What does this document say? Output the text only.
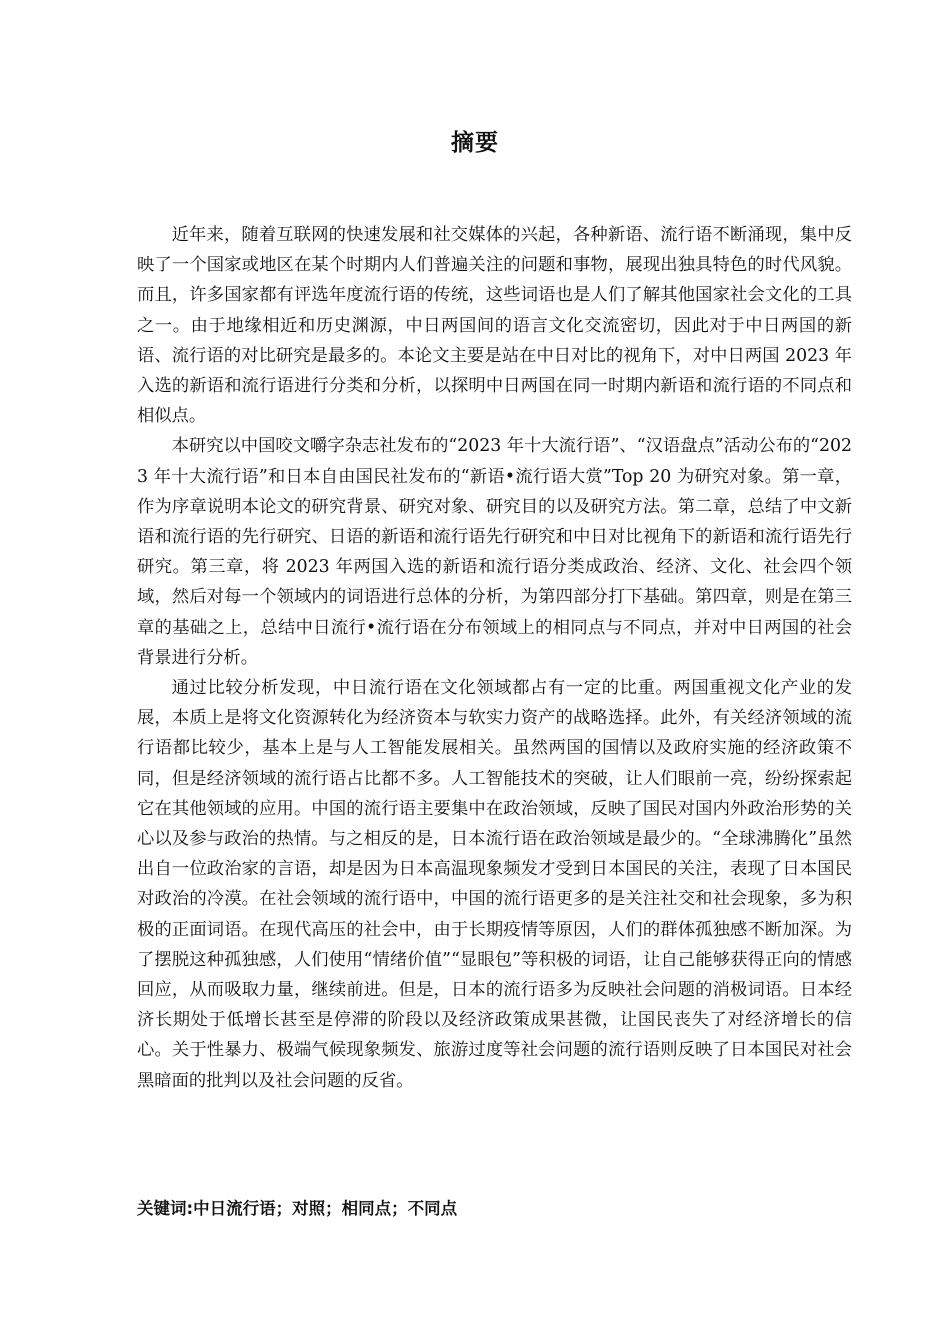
摘要

近年来，随着互联网的快速发展和社交媒体的兴起，各种新语、流行语不断涌现，集中反映了一个国家或地区在某个时期内人们普遍关注的问题和事物，展现出独具特色的时代风貌。而且，许多国家都有评选年度流行语的传统，这些词语也是人们了解其他国家社会文化的工具之一。由于地缘相近和历史渊源，中日两国间的语言文化交流密切，因此对于中日两国的新语、流行语的对比研究是最多的。本论文主要是站在中日对比的视角下，对中日两国 2023 年入选的新语和流行语进行分类和分析，以探明中日两国在同一时期内新语和流行语的不同点和相似点。

本研究以中国咬文嚼字杂志社发布的“2023 年十大流行语”、“汉语盘点”活动公布的“2023 年十大流行语”和日本自由国民社发布的“新语•流行语大赏”Top 20 为研究对象。第一章，作为序章说明本论文的研究背景、研究对象、研究目的以及研究方法。第二章，总结了中文新语和流行语的先行研究、日语的新语和流行语先行研究和中日对比视角下的新语和流行语先行研究。第三章，将 2023 年两国入选的新语和流行语分类成政治、经济、文化、社会四个领域，然后对每一个领域内的词语进行总体的分析，为第四部分打下基础。第四章，则是在第三章的基础之上，总结中日流行•流行语在分布领域上的相同点与不同点，并对中日两国的社会背景进行分析。

通过比较分析发现，中日流行语在文化领域都占有一定的比重。两国重视文化产业的发展，本质上是将文化资源转化为经济资本与软实力资产的战略选择。此外，有关经济领域的流行语都比较少，基本上是与人工智能发展相关。虽然两国的国情以及政府实施的经济政策不同，但是经济领域的流行语占比都不多。人工智能技术的突破，让人们眼前一亮，纷纷探索起它在其他领域的应用。中国的流行语主要集中在政治领域，反映了国民对国内外政治形势的关心以及参与政治的热情。与之相反的是，日本流行语在政治领域是最少的。“全球沸腾化”虽然出自一位政治家的言语，却是因为日本高温现象频发才受到日本国民的关注，表现了日本国民对政治的冷漠。在社会领域的流行语中，中国的流行语更多的是关注社交和社会现象，多为积极的正面词语。在现代高压的社会中，由于长期疫情等原因，人们的群体孤独感不断加深。为了摆脱这种孤独感，人们使用“情绪价值”“显眼包”等积极的词语，让自己能够获得正向的情感回应，从而吸取力量，继续前进。但是，日本的流行语多为反映社会问题的消极词语。日本经济长期处于低增长甚至是停滞的阶段以及经济政策成果甚微，让国民丧失了对经济增长的信心。关于性暴力、极端气候现象频发、旅游过度等社会问题的流行语则反映了日本国民对社会黑暗面的批判以及社会问题的反省。

关键词:中日流行语；对照；相同点；不同点
